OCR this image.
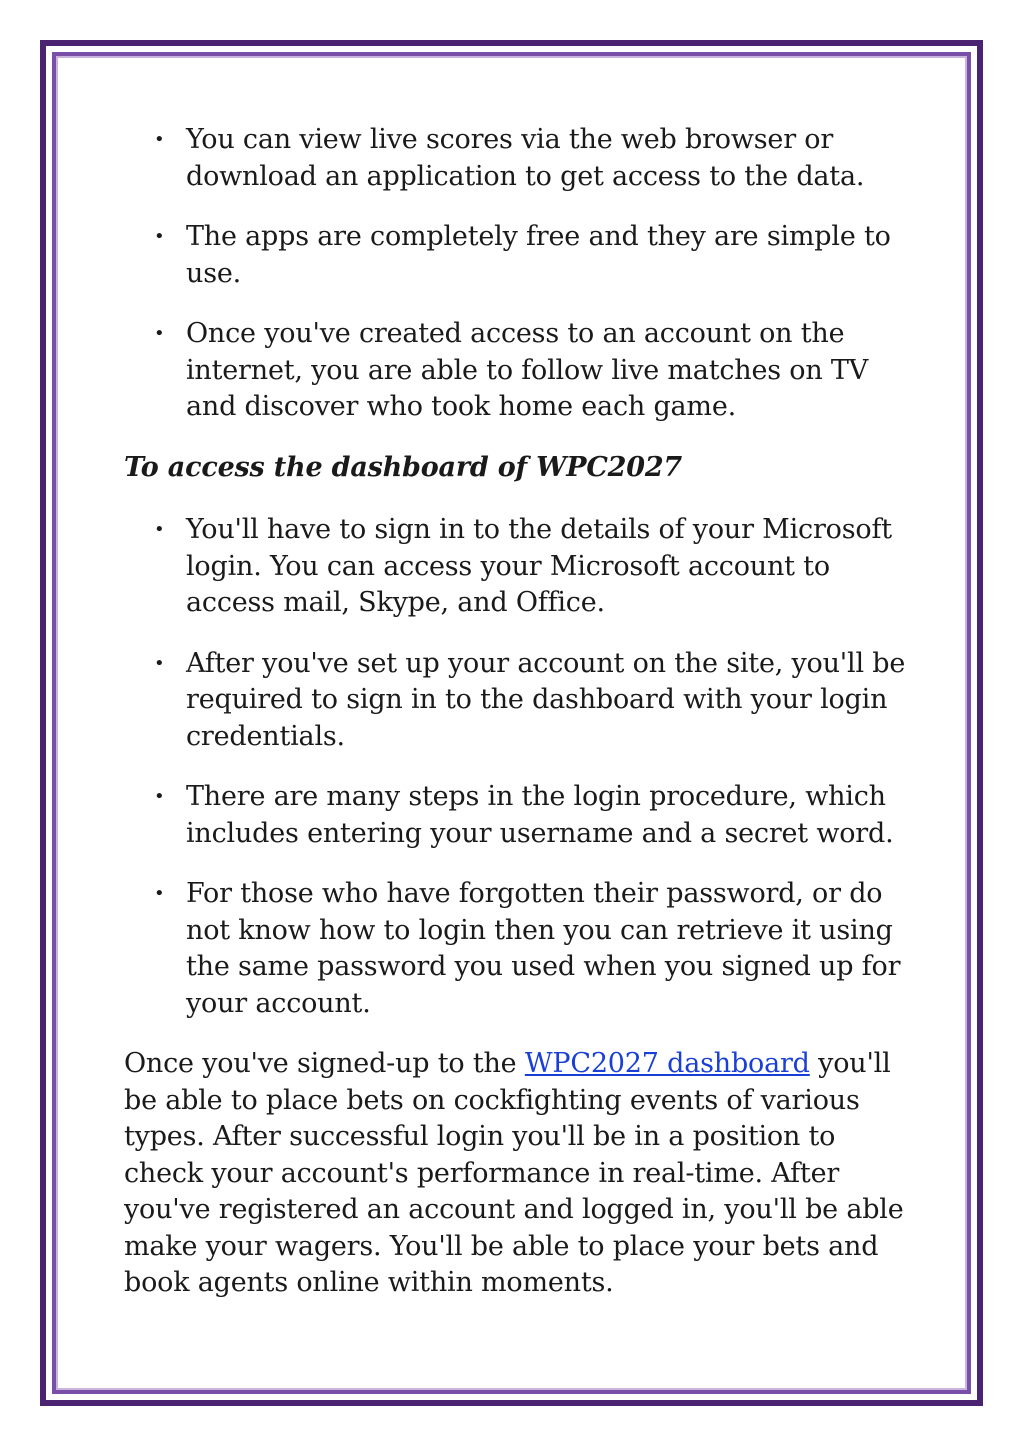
• You can view live scores via the web browser or download an application to get access to the data.
• The apps are completely free and they are simple to use.
• Once you've created access to an account on the internet, you are able to follow live matches on TV and discover who took home each game.
To access the dashboard of WPC2027
• You'll have to sign in to the details of your Microsoft login. You can access your Microsoft account to access mail, Skype, and Office.
• After you've set up your account on the site, you'll be required to sign in to the dashboard with your login credentials.
• There are many steps in the login procedure, which includes entering your username and a secret word.
• For those who have forgotten their password, or do not know how to login then you can retrieve it using the same password you used when you signed up for your account.

Once you've signed-up to the WPC2027 dashboard you'll be able to place bets on cockfighting events of various types. After successful login you'll be in a position to check your account's performance in real-time. After you've registered an account and logged in, you'll be able make your wagers. You'll be able to place your bets and book agents online within moments.
